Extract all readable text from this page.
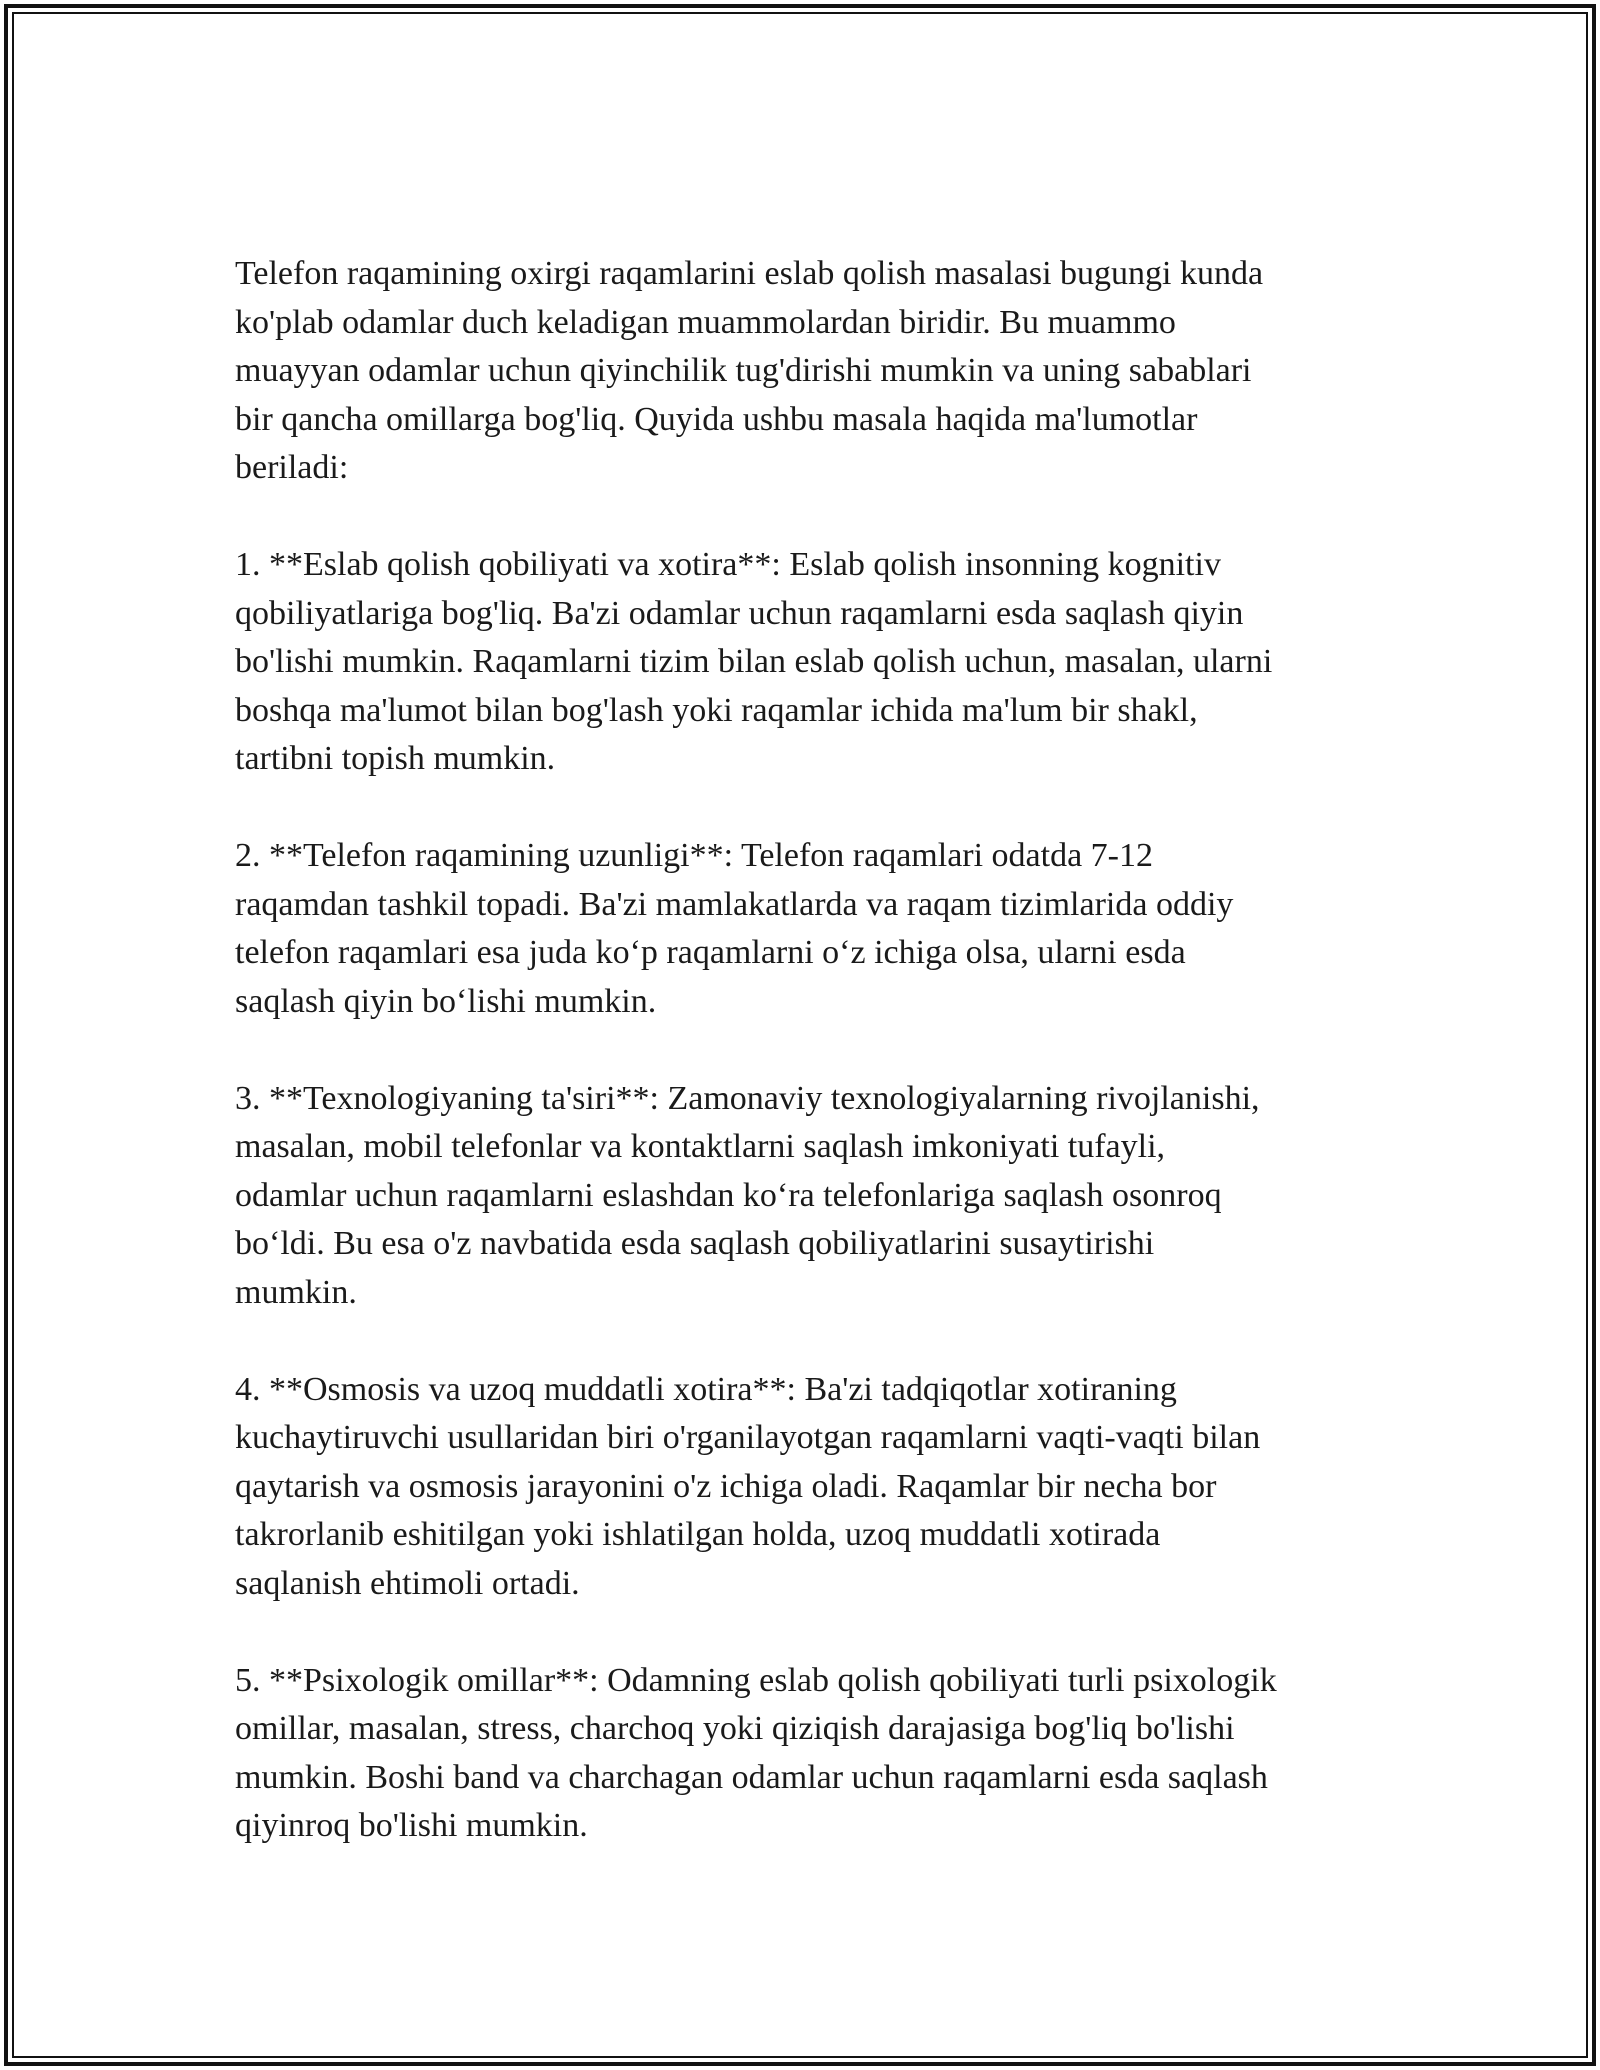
Telefon raqamining oxirgi raqamlarini eslab qolish masalasi bugungi kunda
ko'plab odamlar duch keladigan muammolardan biridir. Bu muammo
muayyan odamlar uchun qiyinchilik tug'dirishi mumkin va uning sabablari
bir qancha omillarga bog'liq. Quyida ushbu masala haqida ma'lumotlar
beriladi:

1. **Eslab qolish qobiliyati va xotira**: Eslab qolish insonning kognitiv
qobiliyatlariga bog'liq. Ba'zi odamlar uchun raqamlarni esda saqlash qiyin
bo'lishi mumkin. Raqamlarni tizim bilan eslab qolish uchun, masalan, ularni
boshqa ma'lumot bilan bog'lash yoki raqamlar ichida ma'lum bir shakl,
tartibni topish mumkin.

2. **Telefon raqamining uzunligi**: Telefon raqamlari odatda 7-12
raqamdan tashkil topadi. Ba'zi mamlakatlarda va raqam tizimlarida oddiy
telefon raqamlari esa juda ko‘p raqamlarni o‘z ichiga olsa, ularni esda
saqlash qiyin bo‘lishi mumkin.

3. **Texnologiyaning ta'siri**: Zamonaviy texnologiyalarning rivojlanishi,
masalan, mobil telefonlar va kontaktlarni saqlash imkoniyati tufayli,
odamlar uchun raqamlarni eslashdan ko‘ra telefonlariga saqlash osonroq
bo‘ldi. Bu esa o'z navbatida esda saqlash qobiliyatlarini susaytirishi
mumkin.

4. **Osmosis va uzoq muddatli xotira**: Ba'zi tadqiqotlar xotiraning
kuchaytiruvchi usullaridan biri o'rganilayotgan raqamlarni vaqti-vaqti bilan
qaytarish va osmosis jarayonini o'z ichiga oladi. Raqamlar bir necha bor
takrorlanib eshitilgan yoki ishlatilgan holda, uzoq muddatli xotirada
saqlanish ehtimoli ortadi.

5. **Psixologik omillar**: Odamning eslab qolish qobiliyati turli psixologik
omillar, masalan, stress, charchoq yoki qiziqish darajasiga bog'liq bo'lishi
mumkin. Boshi band va charchagan odamlar uchun raqamlarni esda saqlash
qiyinroq bo'lishi mumkin.
